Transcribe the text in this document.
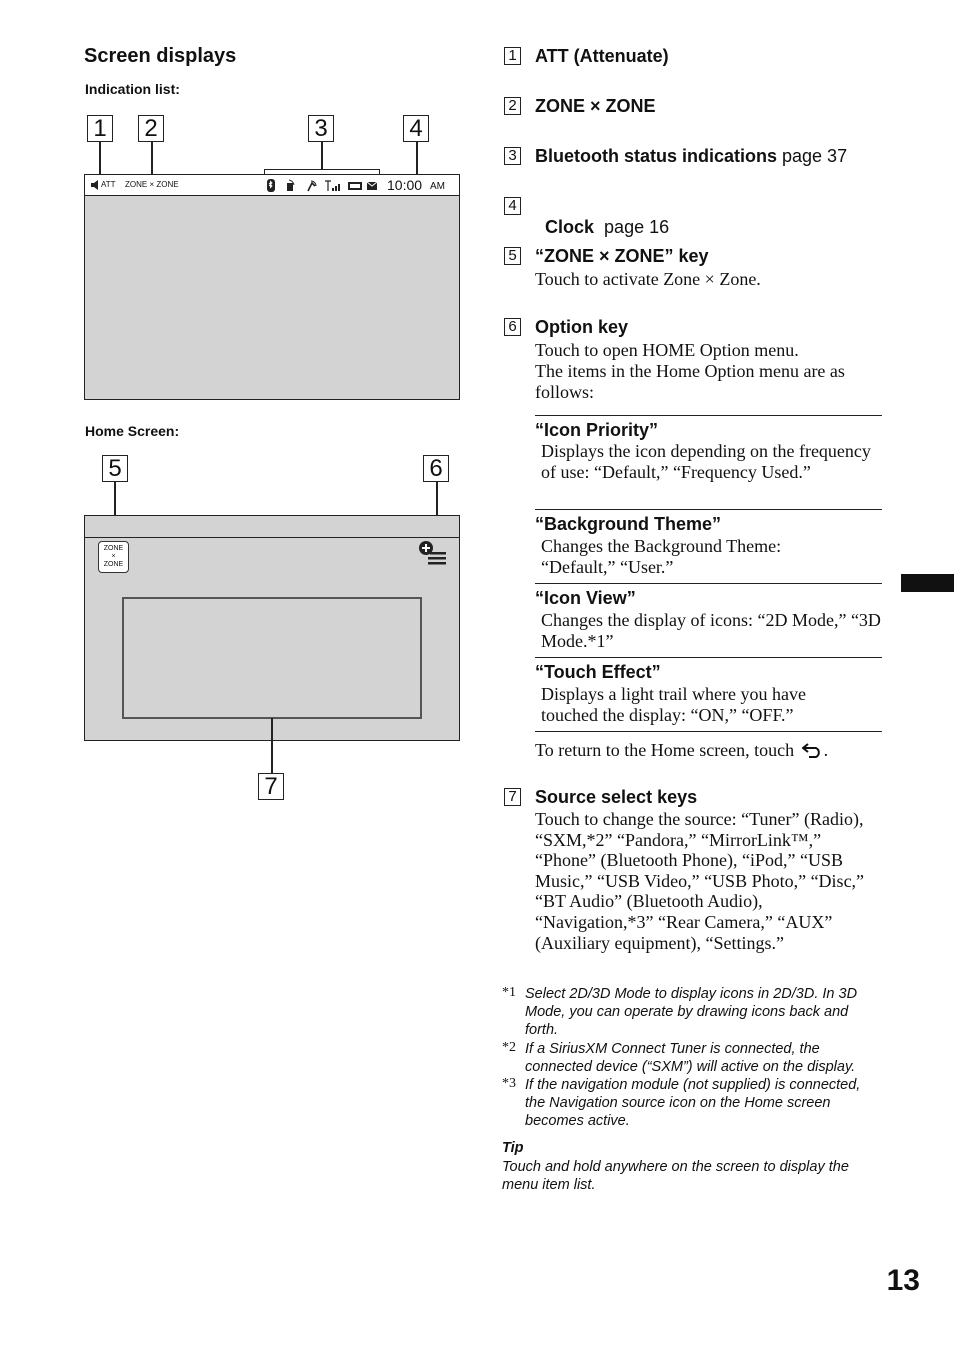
Screen displays
Indication list:
1 2	3	4
ATT ZONE × ZONE	10:00 AM
Home Screen:
5	6
ZONE
×
ZONE
7
1 ATT (Attenuate)
2 ZONE × ZONE
3 Bluetooth status indications page 37
4

Clock  page 16

5 “ZONE × ZONE” key
Touch to activate Zone × Zone.
6 Option key
Touch to open HOME Option menu.
The items in the Home Option menu are as follows:
“Icon Priority”
Displays the icon depending on the frequency of use: “Default,” “Frequency Used.”
“Background Theme”
Changes the Background Theme: “Default,” “User.”
“Icon View”
Changes the display of icons: “2D Mode,” “3D Mode.*1”
“Touch Effect”
Displays a light trail where you have touched the display: “ON,” “OFF.”
To return to the Home screen, touch .
7 Source select keys
Touch to change the source: “Tuner” (Radio), “SXM,*2” “Pandora,” “MirrorLink™,” “Phone” (Bluetooth Phone), “iPod,” “USB Music,” “USB Video,” “USB Photo,” “Disc,” “BT Audio” (Bluetooth Audio), “Navigation,*3” “Rear Camera,” “AUX” (Auxiliary equipment), “Settings.”
*1 Select 2D/3D Mode to display icons in 2D/3D. In 3D Mode, you can operate by drawing icons back and forth.
*2 If a SiriusXM Connect Tuner is connected, the connected device (“SXM”) will active on the display.
*3 If the navigation module (not supplied) is connected, the Navigation source icon on the Home screen becomes active.
Tip
Touch and hold anywhere on the screen to display the menu item list.
13
